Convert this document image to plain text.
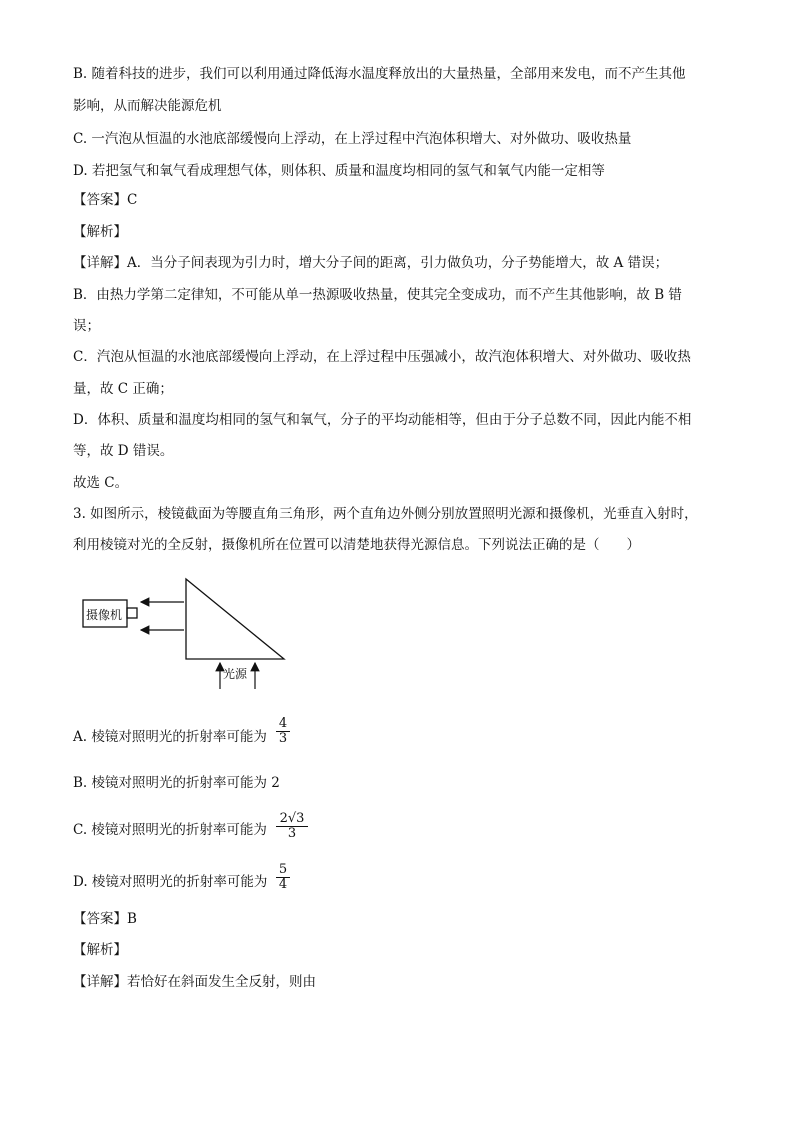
B. 随着科技的进步，我们可以利用通过降低海水温度释放出的大量热量，全部用来发电，而不产生其他
影响，从而解决能源危机
C. 一汽泡从恒温的水池底部缓慢向上浮动，在上浮过程中汽泡体积增大、对外做功、吸收热量
D. 若把氢气和氧气看成理想气体，则体积、质量和温度均相同的氢气和氧气内能一定相等
【答案】C
【解析】
【详解】A．当分子间表现为引力时，增大分子间的距离，引力做负功，分子势能增大，故 A 错误；
B．由热力学第二定律知，不可能从单一热源吸收热量，使其完全变成功，而不产生其他影响，故 B 错
误；
C．汽泡从恒温的水池底部缓慢向上浮动，在上浮过程中压强减小，故汽泡体积增大、对外做功、吸收热
量，故 C 正确；
D．体积、质量和温度均相同的氢气和氧气，分子的平均动能相等，但由于分子总数不同，因此内能不相
等，故 D 错误。
故选 C。
3. 如图所示，棱镜截面为等腰直角三角形，两个直角边外侧分别放置照明光源和摄像机，光垂直入射时，
利用棱镜对光的全反射，摄像机所在位置可以清楚地获得光源信息。下列说法正确的是（　　）
摄像机
光源
A. 棱镜对照明光的折射率可能为 $\frac{4}{3}$
B. 棱镜对照明光的折射率可能为 2
C. 棱镜对照明光的折射率可能为 $\frac{2√3}{3}$
D. 棱镜对照明光的折射率可能为 $\frac{5}{4}$
【答案】B
【解析】
【详解】若恰好在斜面发生全反射，则由
